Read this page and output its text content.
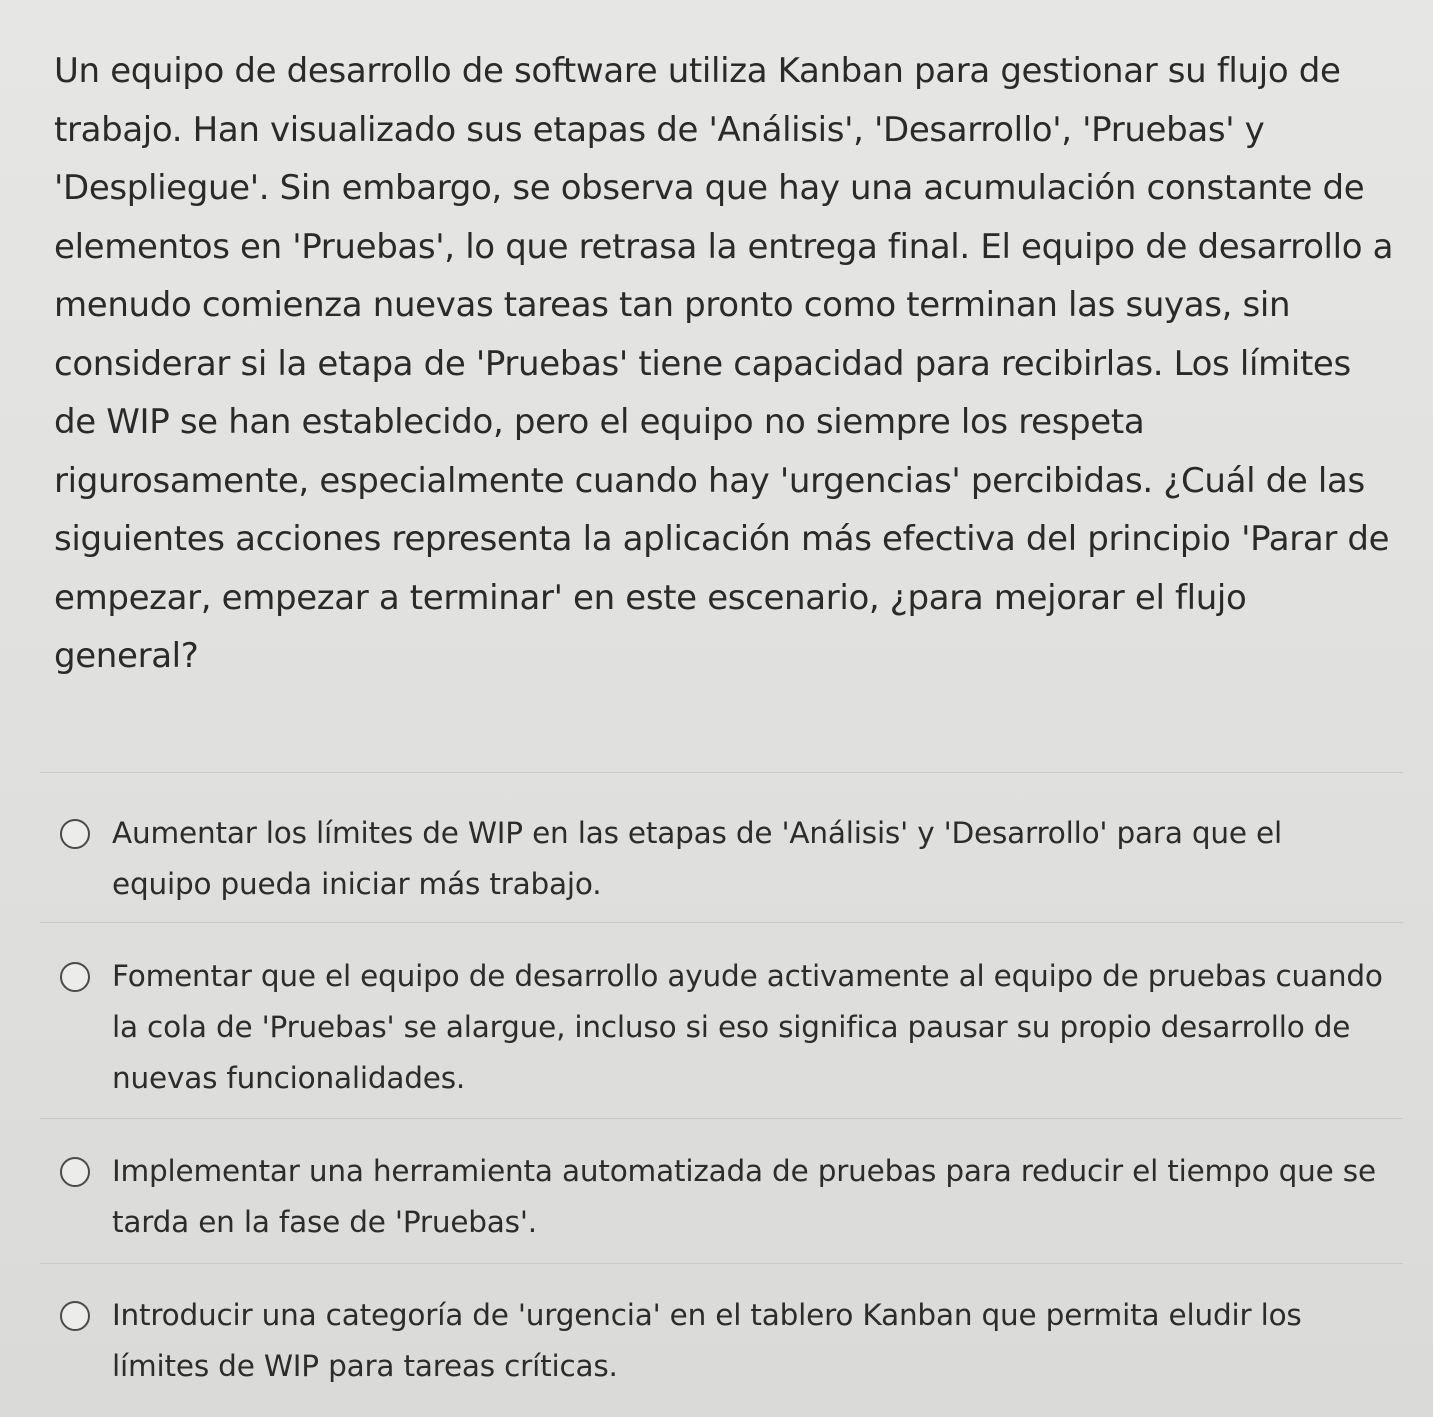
Un equipo de desarrollo de software utiliza Kanban para gestionar su flujo de trabajo. Han visualizado sus etapas de 'Análisis', 'Desarrollo', 'Pruebas' y 'Despliegue'. Sin embargo, se observa que hay una acumulación constante de elementos en 'Pruebas', lo que retrasa la entrega final. El equipo de desarrollo a menudo comienza nuevas tareas tan pronto como terminan las suyas, sin considerar si la etapa de 'Pruebas' tiene capacidad para recibirlas. Los límites de WIP se han establecido, pero el equipo no siempre los respeta rigurosamente, especialmente cuando hay 'urgencias' percibidas. ¿Cuál de las siguientes acciones representa la aplicación más efectiva del principio 'Parar de empezar, empezar a terminar' en este escenario, ¿para mejorar el flujo general?

Aumentar los límites de WIP en las etapas de 'Análisis' y 'Desarrollo' para que el equipo pueda iniciar más trabajo.
Fomentar que el equipo de desarrollo ayude activamente al equipo de pruebas cuando la cola de 'Pruebas' se alargue, incluso si eso significa pausar su propio desarrollo de nuevas funcionalidades.
Implementar una herramienta automatizada de pruebas para reducir el tiempo que se tarda en la fase de 'Pruebas'.
Introducir una categoría de 'urgencia' en el tablero Kanban que permita eludir los límites de WIP para tareas críticas.
